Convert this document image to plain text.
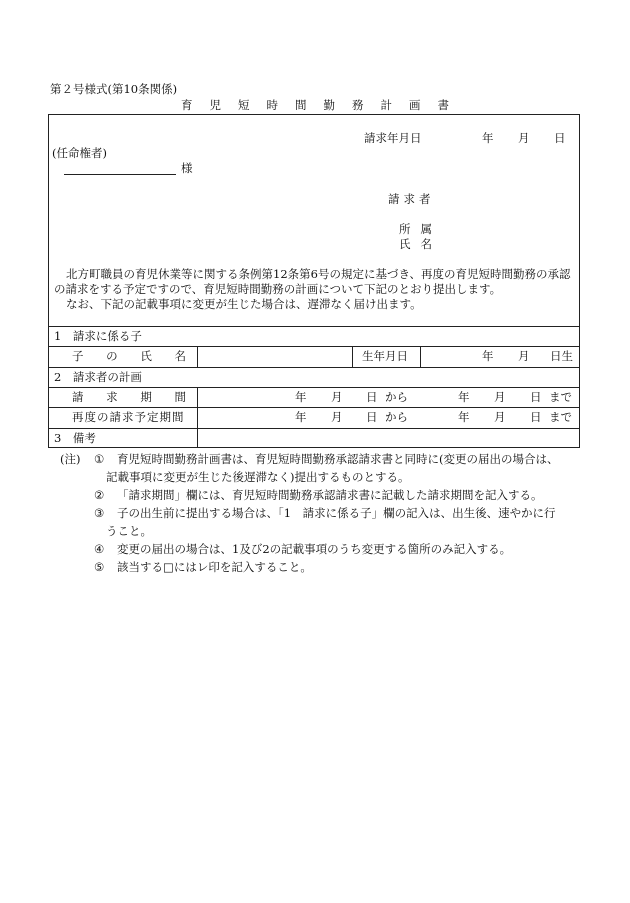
第２号様式(第10条関係)
育児短時間勤務計画書
請求年月日	年 月 日
(任命権者)
様
請求者
所属
氏名
北方町職員の育児休業等に関する条例第12条第6号の規定に基づき、再度の育児短時間勤務の承認
の請求をする予定ですので、育児短時間勤務の計画について下記のとおり提出します。
なお、下記の記載事項に変更が生じた場合は、遅滞なく届け出ます。
1　請求に係る子
子 の 氏 名	生年月日	年 月 日生
2　請求者の計画
請 求 期 間	年 月 日 から	年 月 日 まで
再度の請求予定期間	年 月 日 から	年 月 日 まで
3　備考
(注) ① 育児短時間勤務計画書は、育児短時間勤務承認請求書と同時に(変更の届出の場合は、
記載事項に変更が生じた後遅滞なく)提出するものとする。
② 「請求期間」欄には、育児短時間勤務承認請求書に記載した請求期間を記入する。
③ 子の出生前に提出する場合は、「1　請求に係る子」欄の記入は、出生後、速やかに行
うこと。
④ 変更の届出の場合は、1及び2の記載事項のうち変更する箇所のみ記入する。
⑤ 該当する□にはレ印を記入すること。
